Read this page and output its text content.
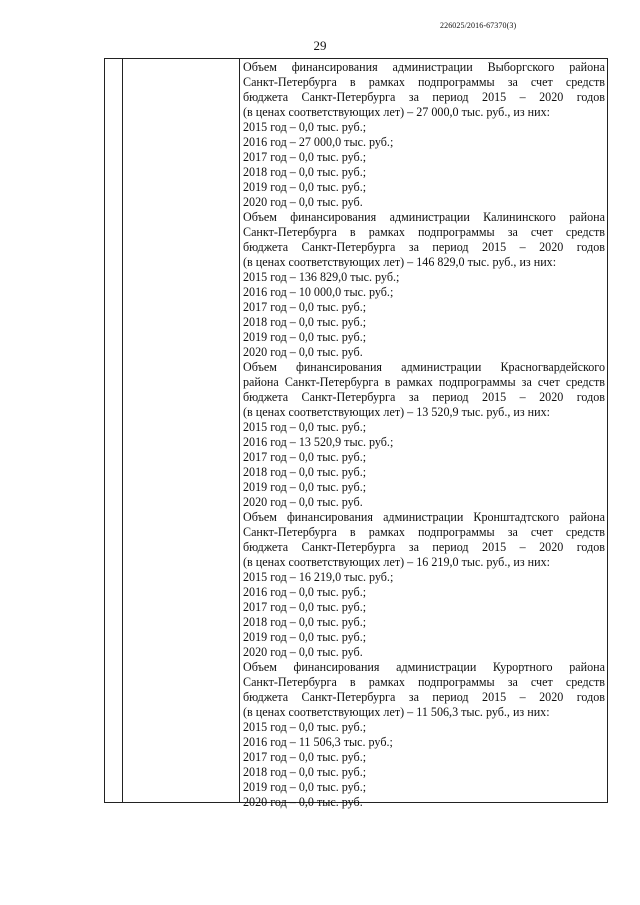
226025/2016-67370(3)
29
Объем финансирования администрации Выборгского района
Санкт-Петербурга в рамках подпрограммы за счет средств
бюджета Санкт-Петербурга за период 2015 – 2020 годов
(в ценах соответствующих лет) – 27 000,0 тыс. руб., из них:
2015 год – 0,0 тыс. руб.;
2016 год – 27 000,0 тыс. руб.;
2017 год – 0,0 тыс. руб.;
2018 год – 0,0 тыс. руб.;
2019 год – 0,0 тыс. руб.;
2020 год – 0,0 тыс. руб.
Объем финансирования администрации Калининского района
Санкт-Петербурга в рамках подпрограммы за счет средств
бюджета Санкт-Петербурга за период 2015 – 2020 годов
(в ценах соответствующих лет) – 146 829,0 тыс. руб., из них:
2015 год – 136 829,0 тыс. руб.;
2016 год – 10 000,0 тыс. руб.;
2017 год – 0,0 тыс. руб.;
2018 год – 0,0 тыс. руб.;
2019 год – 0,0 тыс. руб.;
2020 год – 0,0 тыс. руб.
Объем финансирования администрации Красногвардейского
района Санкт-Петербурга в рамках подпрограммы за счет средств
бюджета Санкт-Петербурга за период 2015 – 2020 годов
(в ценах соответствующих лет) – 13 520,9 тыс. руб., из них:
2015 год – 0,0 тыс. руб.;
2016 год – 13 520,9 тыс. руб.;
2017 год – 0,0 тыс. руб.;
2018 год – 0,0 тыс. руб.;
2019 год – 0,0 тыс. руб.;
2020 год – 0,0 тыс. руб.
Объем финансирования администрации Кронштадтского района
Санкт-Петербурга в рамках подпрограммы за счет средств
бюджета Санкт-Петербурга за период 2015 – 2020 годов
(в ценах соответствующих лет) – 16 219,0 тыс. руб., из них:
2015 год – 16 219,0 тыс. руб.;
2016 год – 0,0 тыс. руб.;
2017 год – 0,0 тыс. руб.;
2018 год – 0,0 тыс. руб.;
2019 год – 0,0 тыс. руб.;
2020 год – 0,0 тыс. руб.
Объем финансирования администрации Курортного района
Санкт-Петербурга в рамках подпрограммы за счет средств
бюджета Санкт-Петербурга за период 2015 – 2020 годов
(в ценах соответствующих лет) – 11 506,3 тыс. руб., из них:
2015 год – 0,0 тыс. руб.;
2016 год – 11 506,3 тыс. руб.;
2017 год – 0,0 тыс. руб.;
2018 год – 0,0 тыс. руб.;
2019 год – 0,0 тыс. руб.;
2020 год – 0,0 тыс. руб.
